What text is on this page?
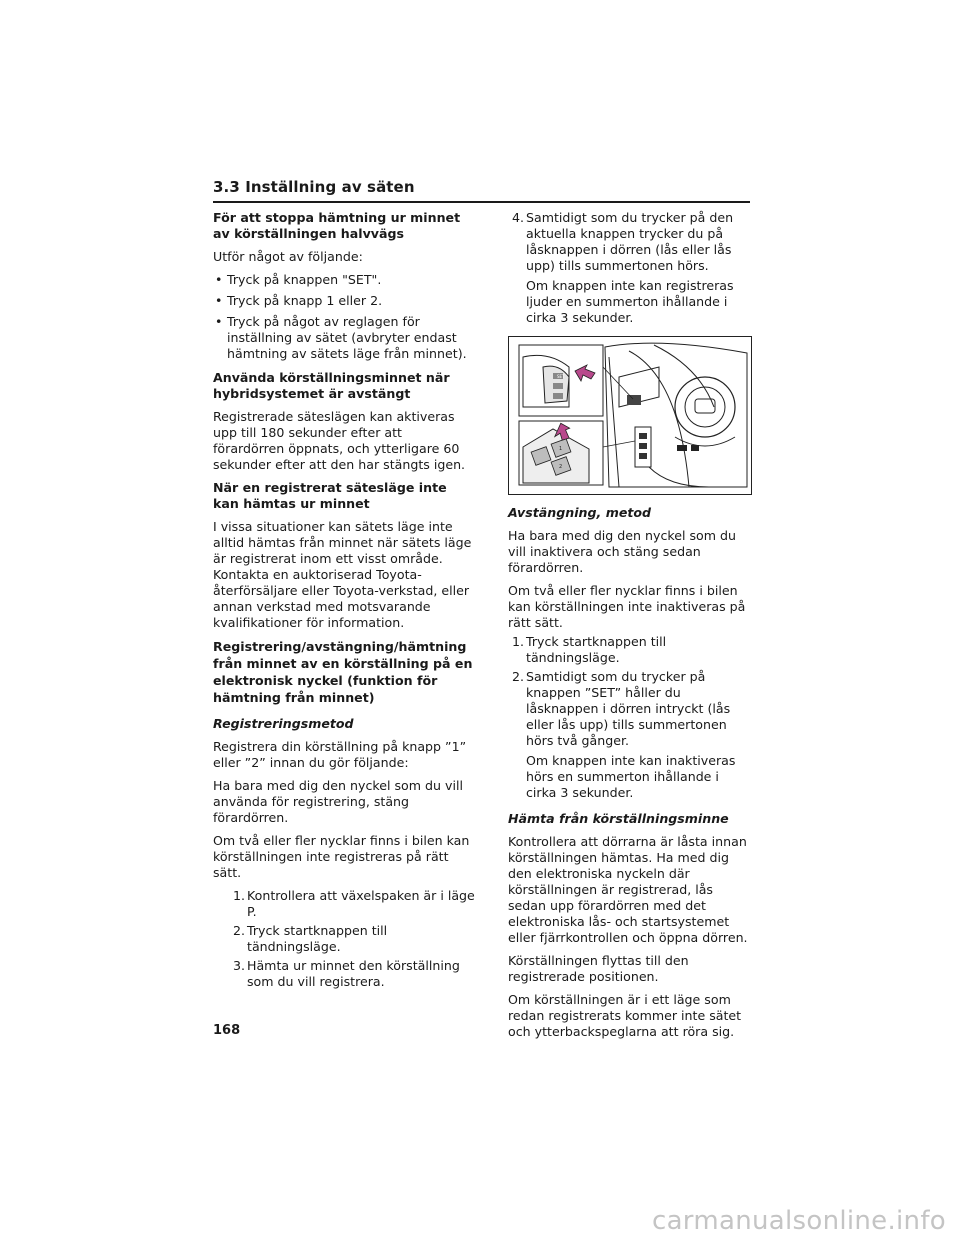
3.3 Inställning av säten
För att stoppa hämtning ur minnet av körställningen halvvägs

Utför något av följande:

• Tryck på knappen "SET".
• Tryck på knapp 1 eller 2.
• Tryck på något av reglagen för inställning av sätet (avbryter endast hämtning av sätets läge från minnet).
Använda körställningsminnet när hybridsystemet är avstängt

Registrerade säteslägen kan aktiveras upp till 180 sekunder efter att förardörren öppnats, och ytterligare 60 sekunder efter att den har stängts igen.

När en registrerat sätesläge inte kan hämtas ur minnet

I vissa situationer kan sätets läge inte alltid hämtas från minnet när sätets läge är registrerat inom ett visst område. Kontakta en auktoriserad Toyota-återförsäljare eller Toyota-verkstad, eller annan verkstad med motsvarande kvalifikationer för information.

Registrering/avstängning/hämtning från minnet av en körställning på en elektronisk nyckel (funktion för hämtning från minnet)
Registreringsmetod

Registrera din körställning på knapp ”1” eller ”2” innan du gör följande:

Ha bara med dig den nyckel som du vill använda för registrering, stäng förardörren.

Om två eller fler nycklar finns i bilen kan körställningen inte registreras på rätt sätt.

1. Kontrollera att växelspaken är i läge P.
2. Tryck startknappen till tändningsläge.
3. Hämta ur minnet den körställning som du vill registrera.
4. Samtidigt som du trycker på den aktuella knappen trycker du på låsknappen i dörren (lås eller lås upp) tills summertonen hörs.
Om knappen inte kan registreras ljuder en summerton ihållande i cirka 3 sekunder.
SET
1
2
Avstängning, metod

Ha bara med dig den nyckel som du vill inaktivera och stäng sedan förardörren.

Om två eller fler nycklar finns i bilen kan körställningen inte inaktiveras på rätt sätt.

1. Tryck startknappen till tändningsläge.
2. Samtidigt som du trycker på knappen ”SET” håller du låsknappen i dörren intryckt (lås eller lås upp) tills summertonen hörs två gånger.
Om knappen inte kan inaktiveras hörs en summerton ihållande i cirka 3 sekunder.
Hämta från körställningsminne

Kontrollera att dörrarna är låsta innan körställningen hämtas. Ha med dig den elektroniska nyckeln där körställningen är registrerad, lås sedan upp förardörren med det elektroniska lås- och startsystemet eller fjärrkontrollen och öppna dörren.

Körställningen flyttas till den registrerade positionen.

Om körställningen är i ett läge som redan registrerats kommer inte sätet och ytterbackspeglarna att röra sig.

168
carmanualsonline.info
